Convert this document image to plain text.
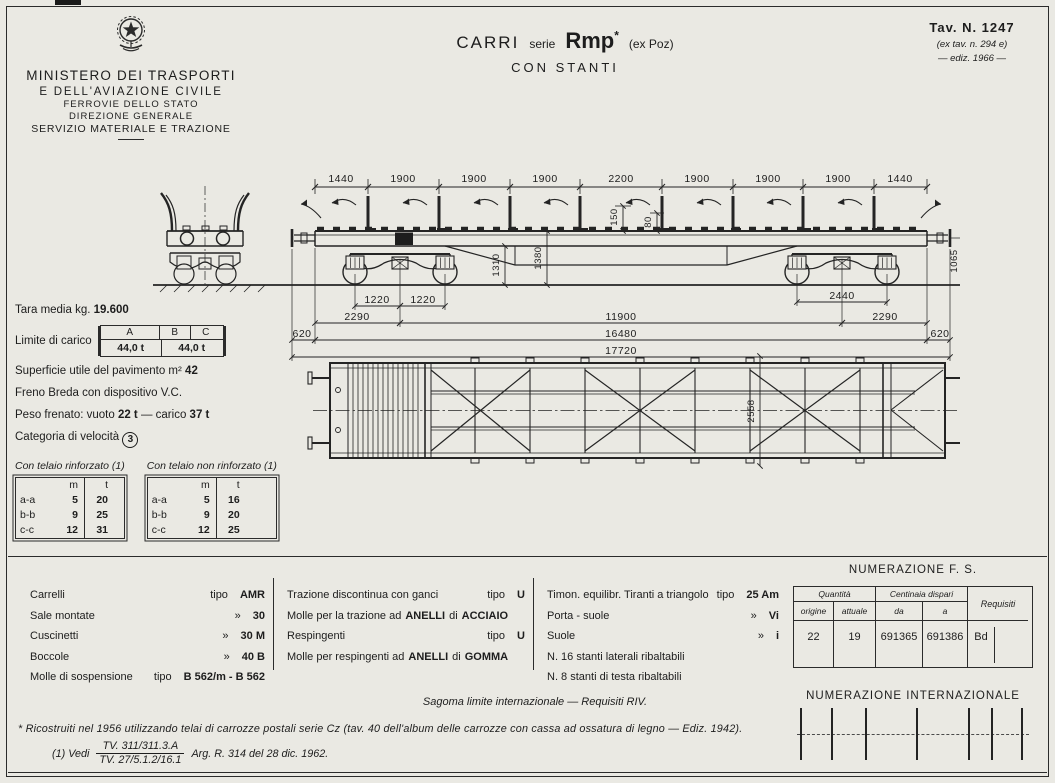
MINISTERO DEI TRASPORTI
E DELL'AVIAZIONE CIVILE
FERROVIE DELLO STATO
DIREZIONE GENERALE
SERVIZIO MATERIALE E TRAZIONE
CARRI serie Rmp*
(ex Poz)
CON STANTI
Tav. N. 1247
(ex tav. n. 294 e)
— ediz. 1966 —
1440	1900	1900	1900	2200	1900	1900	1900	1440
1310	1380
150 80
1065
1220 1220	2440
2290	11900	2290
620	16480	620
17720
2558
Tara media kg. 19.600
Limite di carico
A	B	C
44,0 t	44,0 t
Superficie utile del pavimento m² 42
Freno Breda con dispositivo V.C.
Peso frenato: vuoto 22 t — carico 37 t
Categoria di velocità 3
Con telaio rinforzato (1)
m	t
a-a	5	20
b-b	9	25
c-c	12	31
Con telaio non rinforzato (1)
m	t
a-a	5	16
b-b	9	20
c-c	12	25
Carrelli	tipo AMR
Sale montate	» 30
Cuscinetti	» 30 M
Boccole	» 40 B
Molle di sospensione tipo B 562/m - B 562
Trazione discontinua con ganci	tipo U
Molle per la trazione ad ANELLI di ACCIAIO
Respingenti	tipo U
Molle per respingenti ad ANELLI di GOMMA
Timon. equilibr. Tiranti a triangolo tipo 25 Am
Porta - suole	» Vi
Suole	» i
N. 16 stanti laterali ribaltabili
N. 8 stanti di testa ribaltabili
NUMERAZIONE F. S.
Quantità	Centinaia dispari
Requisiti
origine	attuale	da	a
22	19	691365 691386 Bd
NUMERAZIONE INTERNAZIONALE
Sagoma limite internazionale — Requisiti RIV.
* Ricostruiti nel 1956 utilizzando telai di carrozze postali serie Cz (tav. 40 dell'album delle carrozze con cassa ad ossatura di legno — Ediz. 1942).
(1) Vedi $\frac{TV. 311/311.3.A}{TV. 27/5.1.2/16.1}$ Arg. R. 314 del 28 dic. 1962.
